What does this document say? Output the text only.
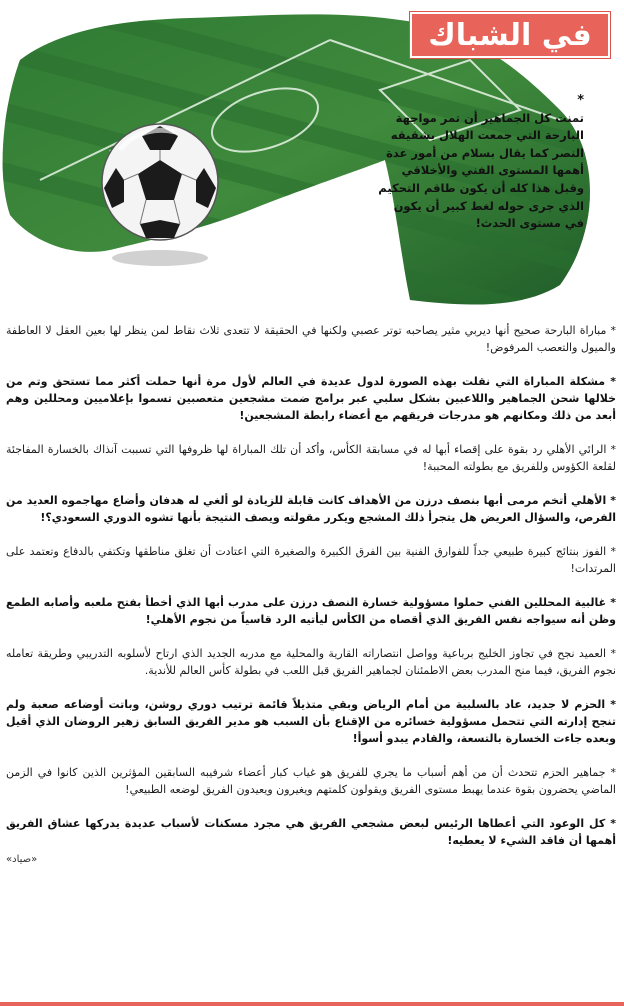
في الشباك
*
تمنت كل الجماهير أن تمر مواجهة البارحة التي جمعت الهلال بشقيقه النصر كما يقال بسلام من أمور عدة أهمها المستوى الفني والأخلاقي وقبل هذا كله أن يكون طاقم التحكيم الذي جرى حوله لغط كبير أن يكون في مستوى الحدث!

* مباراة البارحة صحيح أنها ديربي مثير يصاحبه توتر عصبي ولكنها في الحقيقة لا تتعدى ثلاث نقاط لمن ينظر لها بعين العقل لا العاطفة والميول والتعصب المرفوض!

* مشكلة المباراة التي نقلت بهذه الصورة لدول عديدة في العالم لأول مرة أنها حملت أكثر مما تستحق وتم من خلالها شحن الجماهير واللاعبين بشكل سلبي عبر برامج ضمت مشجعين متعصبين تسموا بإعلاميين ومحللين وهم أبعد من ذلك ومكانهم هو مدرجات فريقهم مع أعضاء رابطة المشجعين!

* الرائي الأهلي رد بقوة على إقصاء أبها له في مسابقة الكأس، وأكد أن تلك المباراة لها ظروفها التي تسببت آنذاك بالخسارة المفاجئة لقلعة الكؤوس وللفريق مع بطولته المحببة!

* الأهلي أتخم مرمى أبها بنصف درزن من الأهداف كانت قابلة للزيادة لو ألغي له هدفان وأضاع مهاجموه العديد من الفرص، والسؤال العريض هل يتجرأ ذلك المشجع ويكرر مقولته ويصف النتيجة بأنها تشوه الدوري السعودي؟!

* الفوز بنتائج كبيرة طبيعي جداً للفوارق الفنية بين الفرق الكبيرة والصغيرة التي اعتادت أن تغلق مناطقها وتكتفي بالدفاع وتعتمد على المرتدات!

* غالبية المحللين الفني حملوا مسؤولية خسارة النصف درزن على مدرب أبها الذي أخطأ بفتح ملعبه وأصابه الطمع وظن أنه سيواجه نفس الفريق الذي أقصاه من الكأس ليأتيه الرد قاسياً من نجوم الأهلي!

* العميد نجح في تجاوز الخليج برباعية وواصل انتصاراته القارية والمحلية مع مدربه الجديد الذي ارتاح لأسلوبه التدريبي وطريقة تعامله نجوم الفريق، فيما منح المدرب بعض الاطمئنان لجماهير الفريق قبل اللعب في بطولة كأس العالم للأندية.

* الحزم لا جديد، عاد بالسلبية من أمام الرياض وبقي متذيلاً قائمة ترتيب دوري روشن، وباتت أوضاعه صعبة ولم تنجح إدارته التي تتحمل مسؤولية خسائره من الإقناع بأن السبب هو مدير الفريق السابق زهير الروضان الذي أقيل وبعده جاءت الخسارة بالتسعة، والقادم يبدو أسوأ!

* جماهير الحزم تتحدث أن من أهم أسباب ما يجري للفريق هو غياب كبار أعضاء شرفيبه السابقين المؤثرين الذين كانوا في الزمن الماضي يحضرون بقوة عندما يهبط مستوى الفريق ويقولون كلمتهم ويغيرون ويعيدون الفريق لوضعه الطبيعي!

* كل الوعود التي أعطاها الرئيس لبعض مشجعي الفريق هي مجرد مسكنات لأسباب عديدة يدركها عشاق الفريق أهمها أن فاقد الشيء لا يعطيه!

«صياد»
